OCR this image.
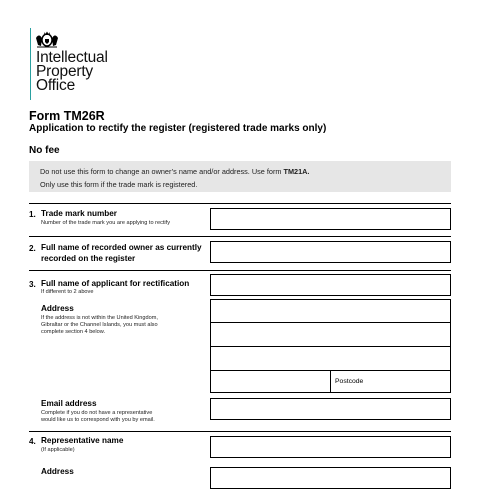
Intellectual
Property
Office
Form TM26R
Application to rectify the register (registered trade marks only)
No fee
Do not use this form to change an owner’s name and/or address. Use form TM21A.
Only use this form if the trade mark is registered.
1. Trade mark number
Number of the trade mark you are applying to rectify
2. Full name of recorded owner as currently
recorded on the register
3. Full name of applicant for rectification
If different to 2 above
Address
If the address is not within the United Kingdom,
Gibraltar or the Channel Islands, you must also
complete section 4 below.
Postcode
Email address
Complete if you do not have a representative
would like us to correspond with you by email.
4. Representative name
(If applicable)
Address
